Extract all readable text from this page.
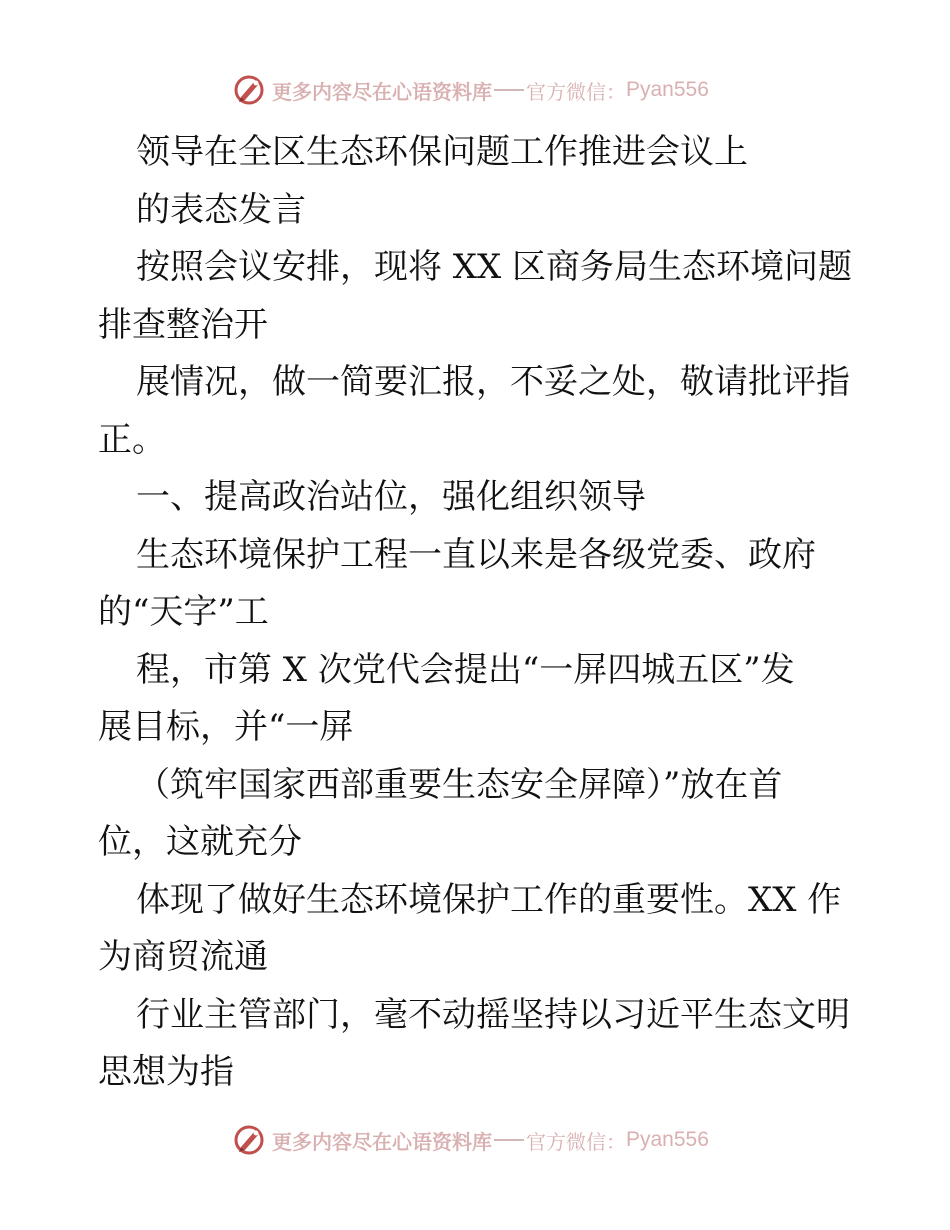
更多内容尽在心语资料库 官方微信： Pyan556
领导在全区生态环保问题工作推进会议上
的表态发言
按照会议安排，现将 XX 区商务局生态环境问题
排查整治开
展情况，做一简要汇报，不妥之处，敬请批评指
正。
一、提高政治站位，强化组织领导
生态环境保护工程一直以来是各级党委、政府
的“天字”工
程，市第 X 次党代会提出“一屏四城五区”发
展目标，并“一屏
（筑牢国家西部重要生态安全屏障）”放在首
位，这就充分
体现了做好生态环境保护工作的重要性。XX 作
为商贸流通
行业主管部门，毫不动摇坚持以习近平生态文明
思想为指
更多内容尽在心语资料库 官方微信： Pyan556
